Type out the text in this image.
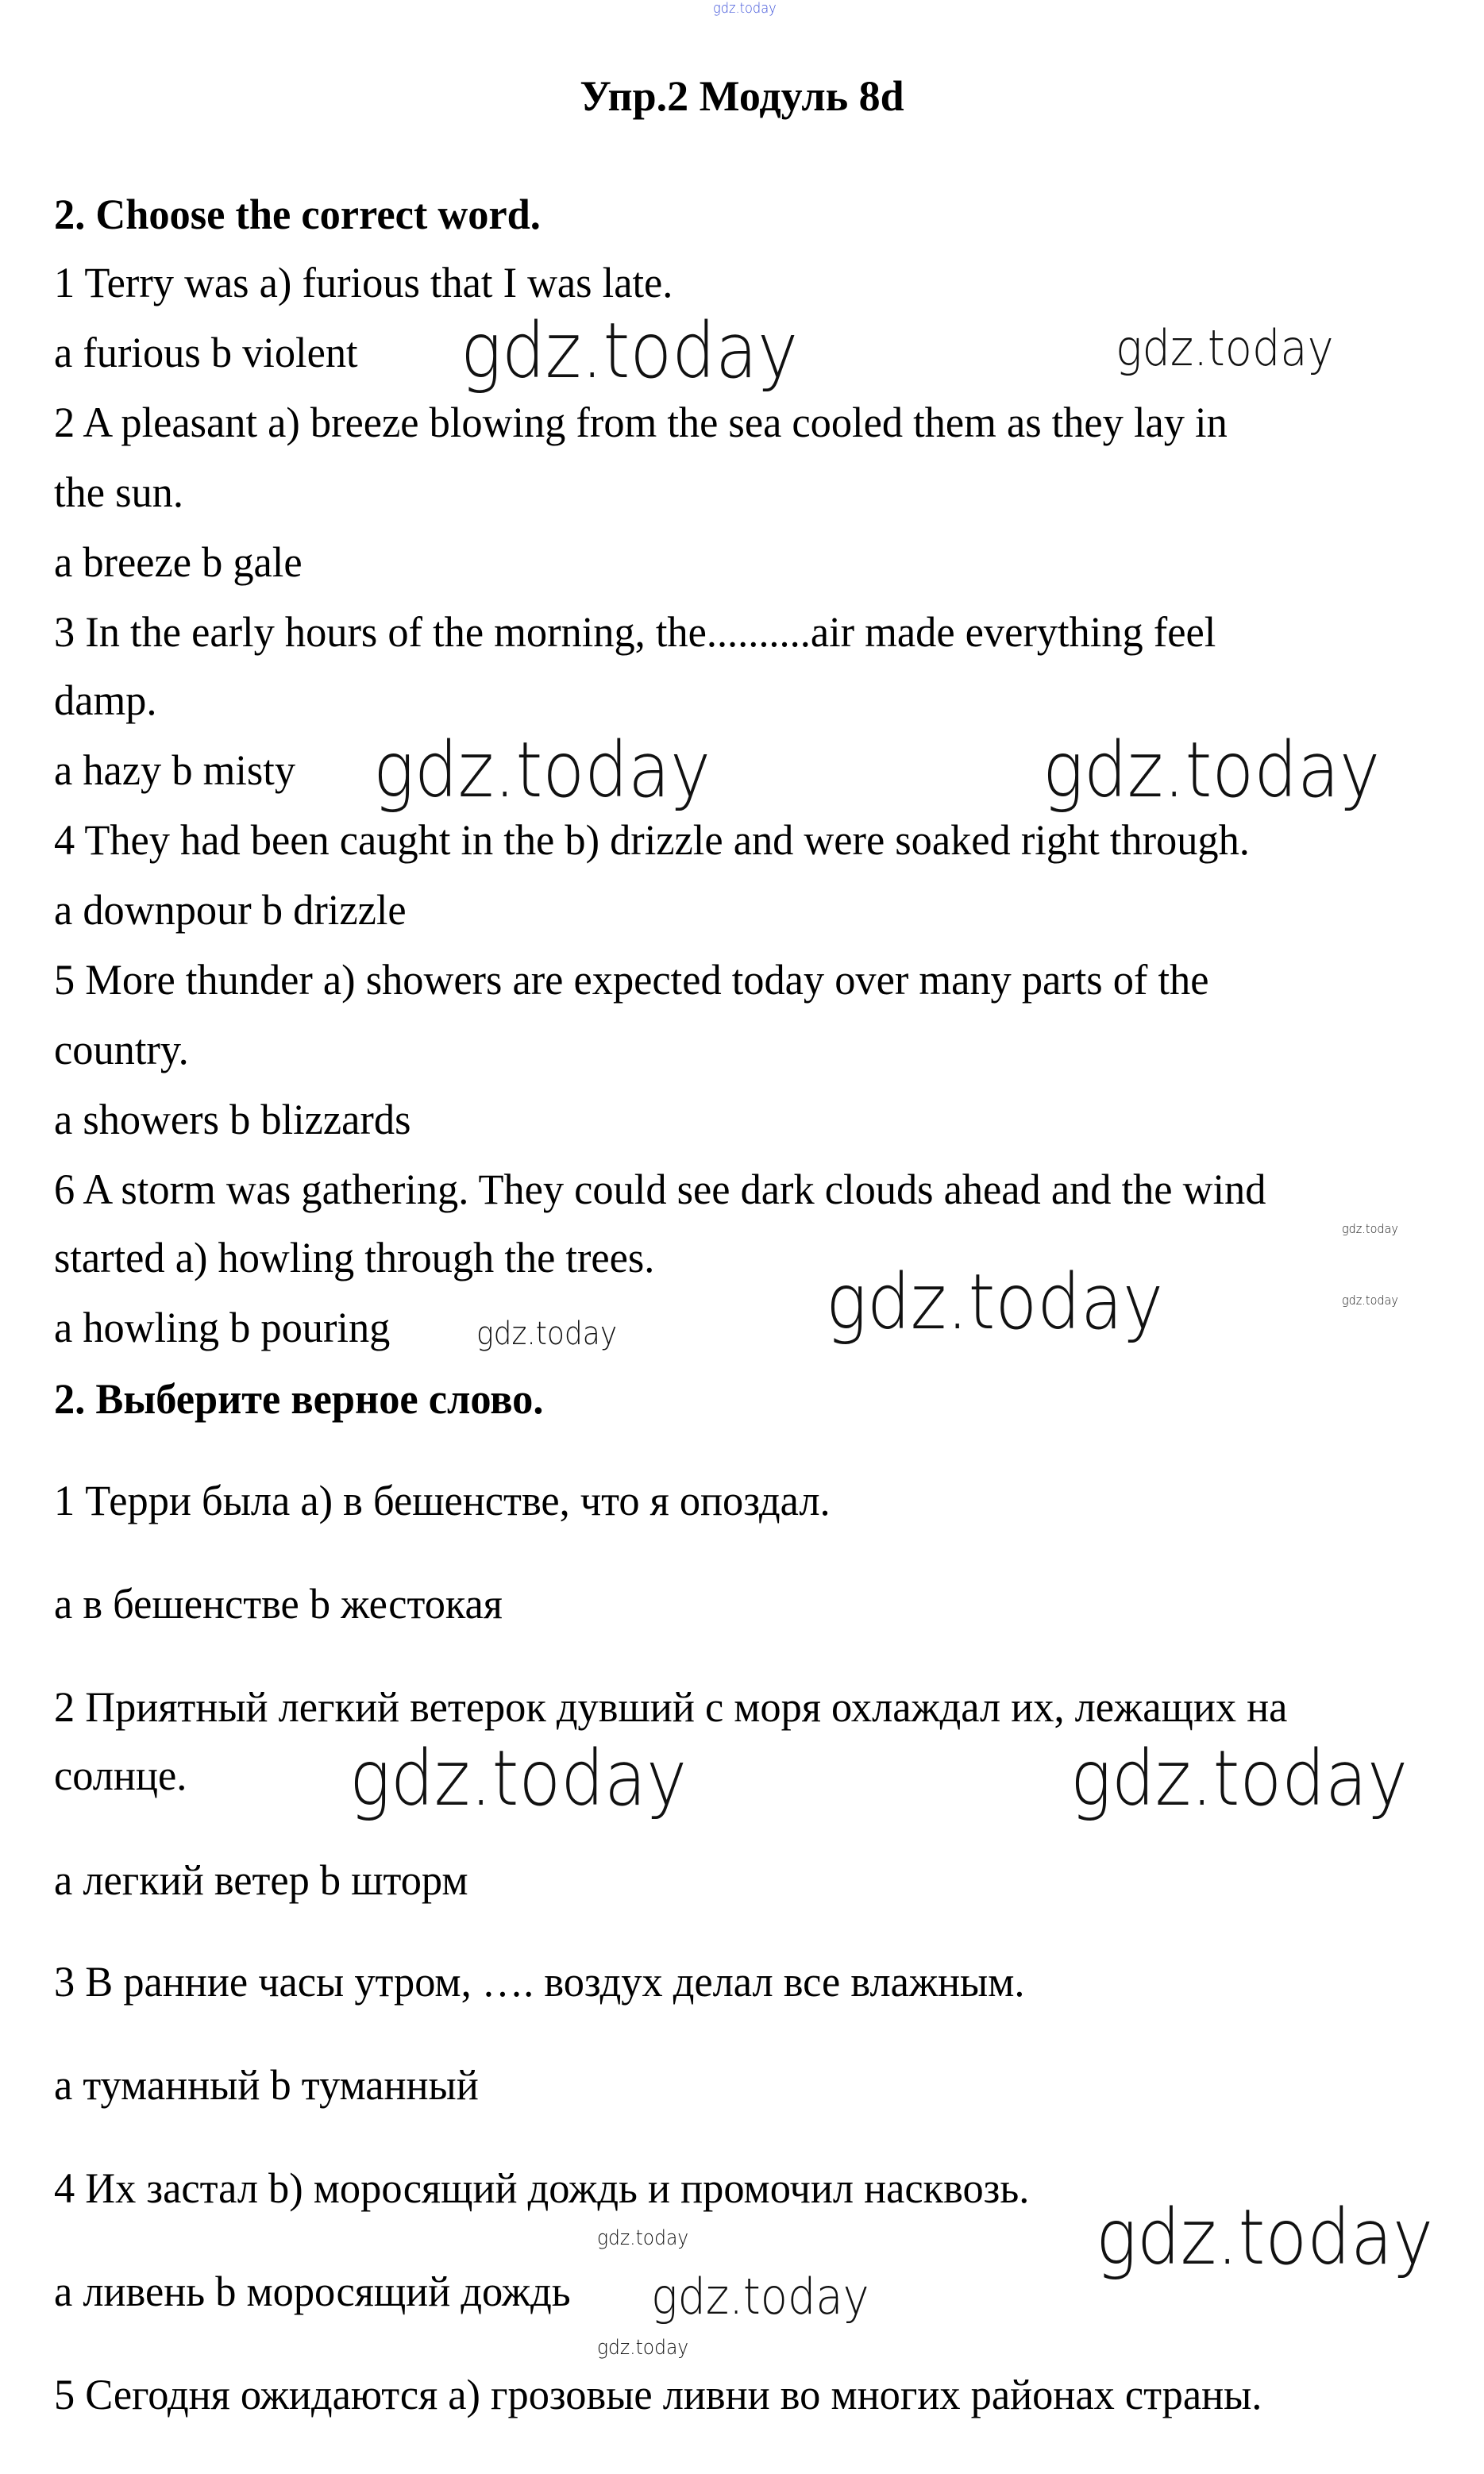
gdz.today
Упр.2 Модуль 8d
2. Choose the correct word.
1 Terry was a) furious that I was late.
a furious b violent
2 A pleasant a) breeze blowing from the sea cooled them as they lay in
the sun.
a breeze b gale
3 In the early hours of the morning, the..........air made everything feel
damp.
a hazy b misty
4 They had been caught in the b) drizzle and were soaked right through.
a downpour b drizzle
5 More thunder a) showers are expected today over many parts of the
country.
a showers b blizzards
6 A storm was gathering. They could see dark clouds ahead and the wind
started a) howling through the trees.
a howling b pouring
2. Выберите верное слово.
1 Терри была а) в бешенстве, что я опоздал.
а в бешенстве b жестокая
2 Приятный легкий ветерок дувший с моря охлаждал их, лежащих на
солнце.
а легкий ветер b шторм
3 В ранние часы утром, …. воздух делал все влажным.
а туманный b туманный
4 Их застал b) моросящий дождь и промочил насквозь.
а ливень b моросящий дождь
5 Сегодня ожидаются а) грозовые ливни во многих районах страны.
gdz.today	gdz.today
gdz.today	gdz.today
gdz.today
gdz.today
gdz.today
gdz.today
gdz.today	gdz.today
gdz.today
gdz.today	gdz.today
gdz.today
